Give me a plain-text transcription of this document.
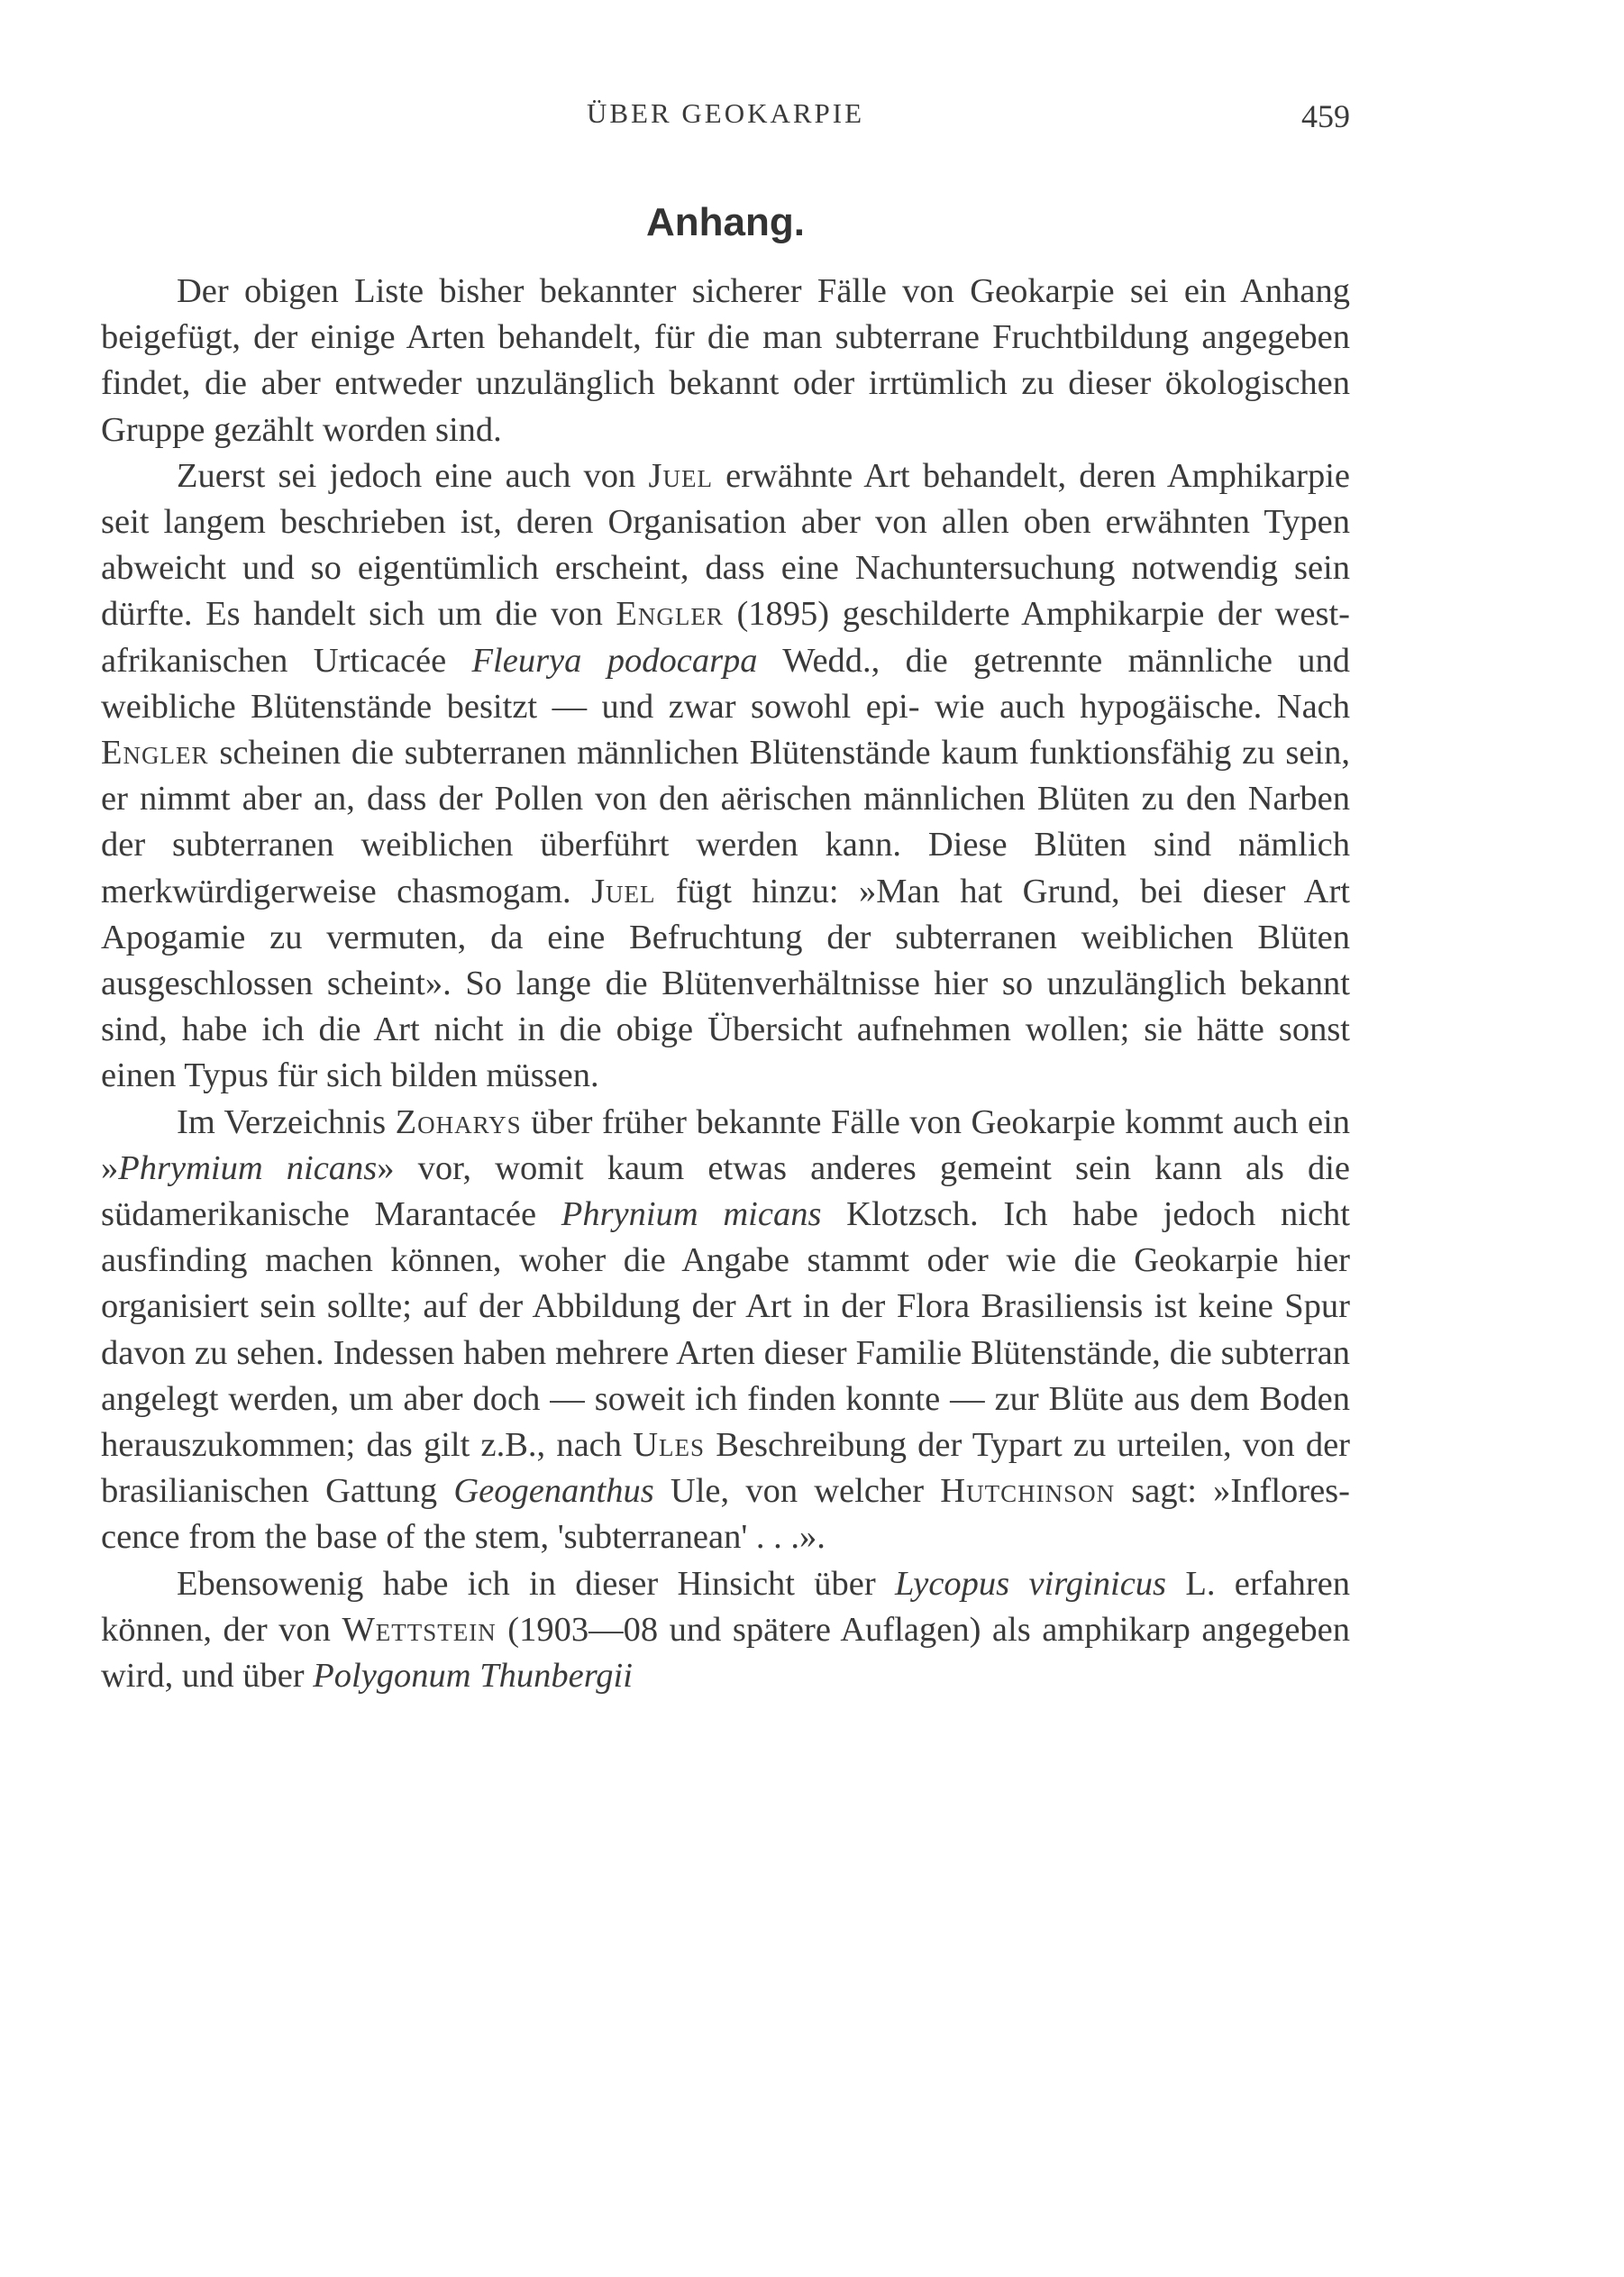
ÜBER GEOKARPIE	459
Anhang.

Der obigen Liste bisher bekannter sicherer Fälle von Geokarpie sei ein Anhang beigefügt, der einige Arten behandelt, für die man subterrane Fruchtbildung angegeben findet, die aber entweder unzulänglich bekannt oder irrtümlich zu dieser ökologischen Gruppe gezählt worden sind.

Zuerst sei jedoch eine auch von Juel erwähnte Art behandelt, deren Amphikarpie seit langem beschrieben ist, deren Organisation aber von allen oben erwähnten Typen abweicht und so eigentümlich erscheint, dass eine Nachuntersuchung notwendig sein dürfte. Es handelt sich um die von Engler (1895) geschilderte Amphikarpie der westafrikanischen Urticacée Fleurya podocarpa Wedd., die getrennte männliche und weibliche Blütenstände besitzt — und zwar sowohl epi- wie auch hypogäische. Nach Engler scheinen die subterranen männlichen Blütenstände kaum funktionsfähig zu sein, er nimmt aber an, dass der Pollen von den aërischen männlichen Blüten zu den Narben der subterranen weiblichen überführt werden kann. Diese Blüten sind nämlich merkwürdigerweise chasmogam. Juel fügt hinzu: »Man hat Grund, bei dieser Art Apogamie zu vermuten, da eine Befruchtung der subterranen weiblichen Blüten ausgeschlossen scheint». So lange die Blütenverhältnisse hier so unzulänglich bekannt sind, habe ich die Art nicht in die obige Übersicht aufnehmen wollen; sie hätte sonst einen Typus für sich bilden müssen.

Im Verzeichnis Zoharys über früher bekannte Fälle von Geokarpie kommt auch ein »Phrymium nicans» vor, womit kaum etwas anderes gemeint sein kann als die südamerikanische Marantacée Phrynium micans Klotzsch. Ich habe jedoch nicht ausfinding machen können, woher die Angabe stammt oder wie die Geokarpie hier organisiert sein sollte; auf der Abbildung der Art in der Flora Brasiliensis ist keine Spur davon zu sehen. Indessen haben mehrere Arten dieser Familie Blütenstände, die subterran angelegt werden, um aber doch — soweit ich finden konnte — zur Blüte aus dem Boden herauszukommen; das gilt z.B., nach Ules Beschreibung der Typart zu urteilen, von der brasilianischen Gattung Geogenanthus Ule, von welcher Hutchinson sagt: »Inflorescence from the base of the stem, 'subterranean' . . .».

Ebensowenig habe ich in dieser Hinsicht über Lycopus virginicus L. erfahren können, der von Wettstein (1903—08 und spätere Auflagen) als amphikarp angegeben wird, und über Polygonum Thunbergii
